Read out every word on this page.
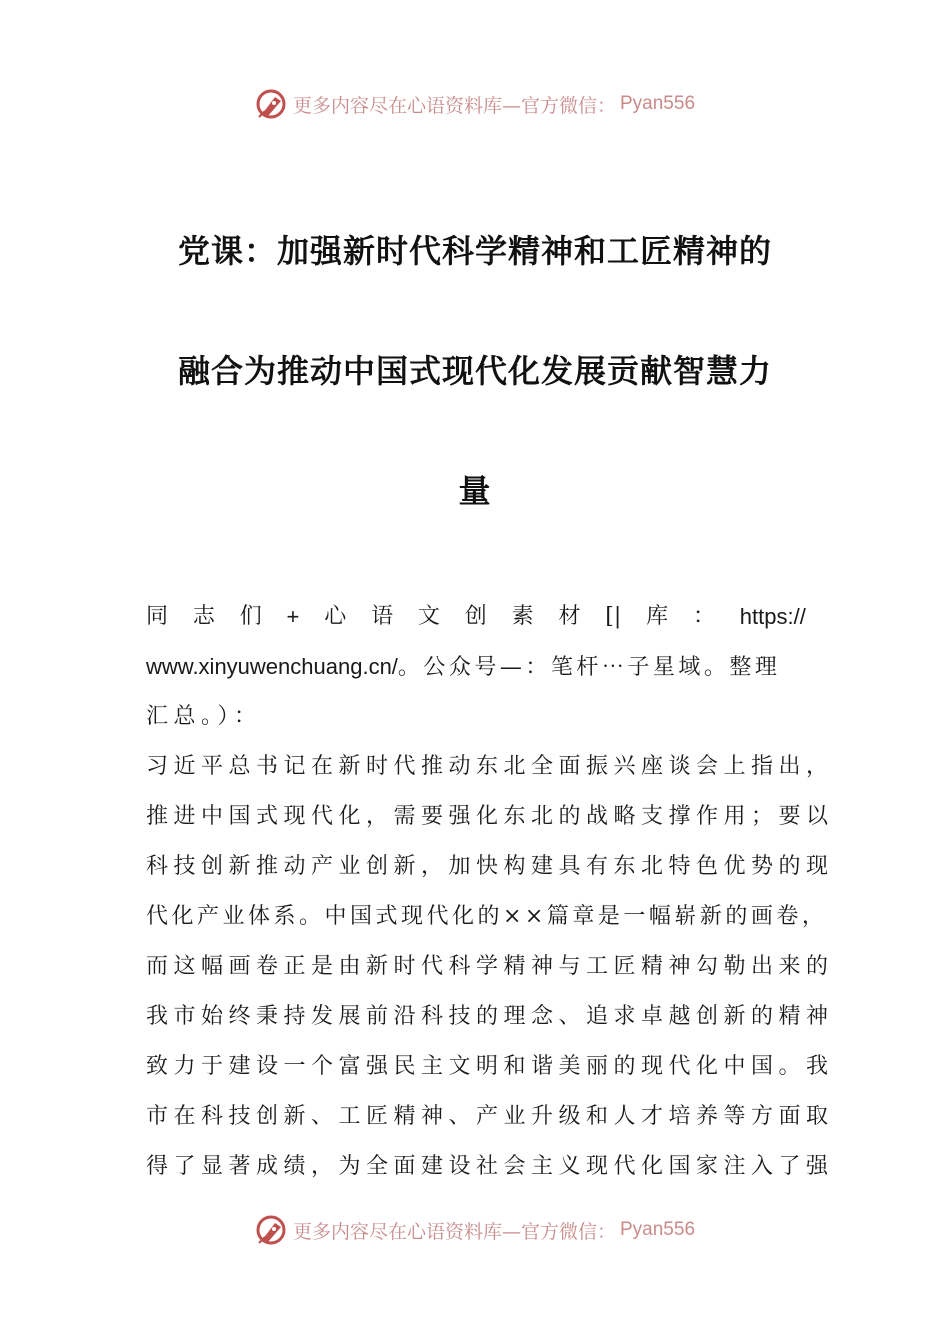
更多内容尽在心语资料库—官方微信： Pyan556
党课：加强新时代科学精神和工匠精神的
融合为推动中国式现代化发展贡献智慧力
量
同 志 们 + 心 语 文 创 素 材 [| 库 ： https://
www.xinyuwenchuang.cn/。公众号—：笔杆⋯子星域。整理
汇总。）：
习近平总书记在新时代推动东北全面振兴座谈会上指出，
推进中国式现代化，需要强化东北的战略支撑作用；要以
科技创新推动产业创新，加快构建具有东北特色优势的现
代化产业体系。中国式现代化的××篇章是一幅崭新的画卷，
而这幅画卷正是由新时代科学精神与工匠精神勾勒出来的
我市始终秉持发展前沿科技的理念、追求卓越创新的精神
致力于建设一个富强民主文明和谐美丽的现代化中国。我
市在科技创新、工匠精神、产业升级和人才培养等方面取
得了显著成绩，为全面建设社会主义现代化国家注入了强
更多内容尽在心语资料库—官方微信： Pyan556
